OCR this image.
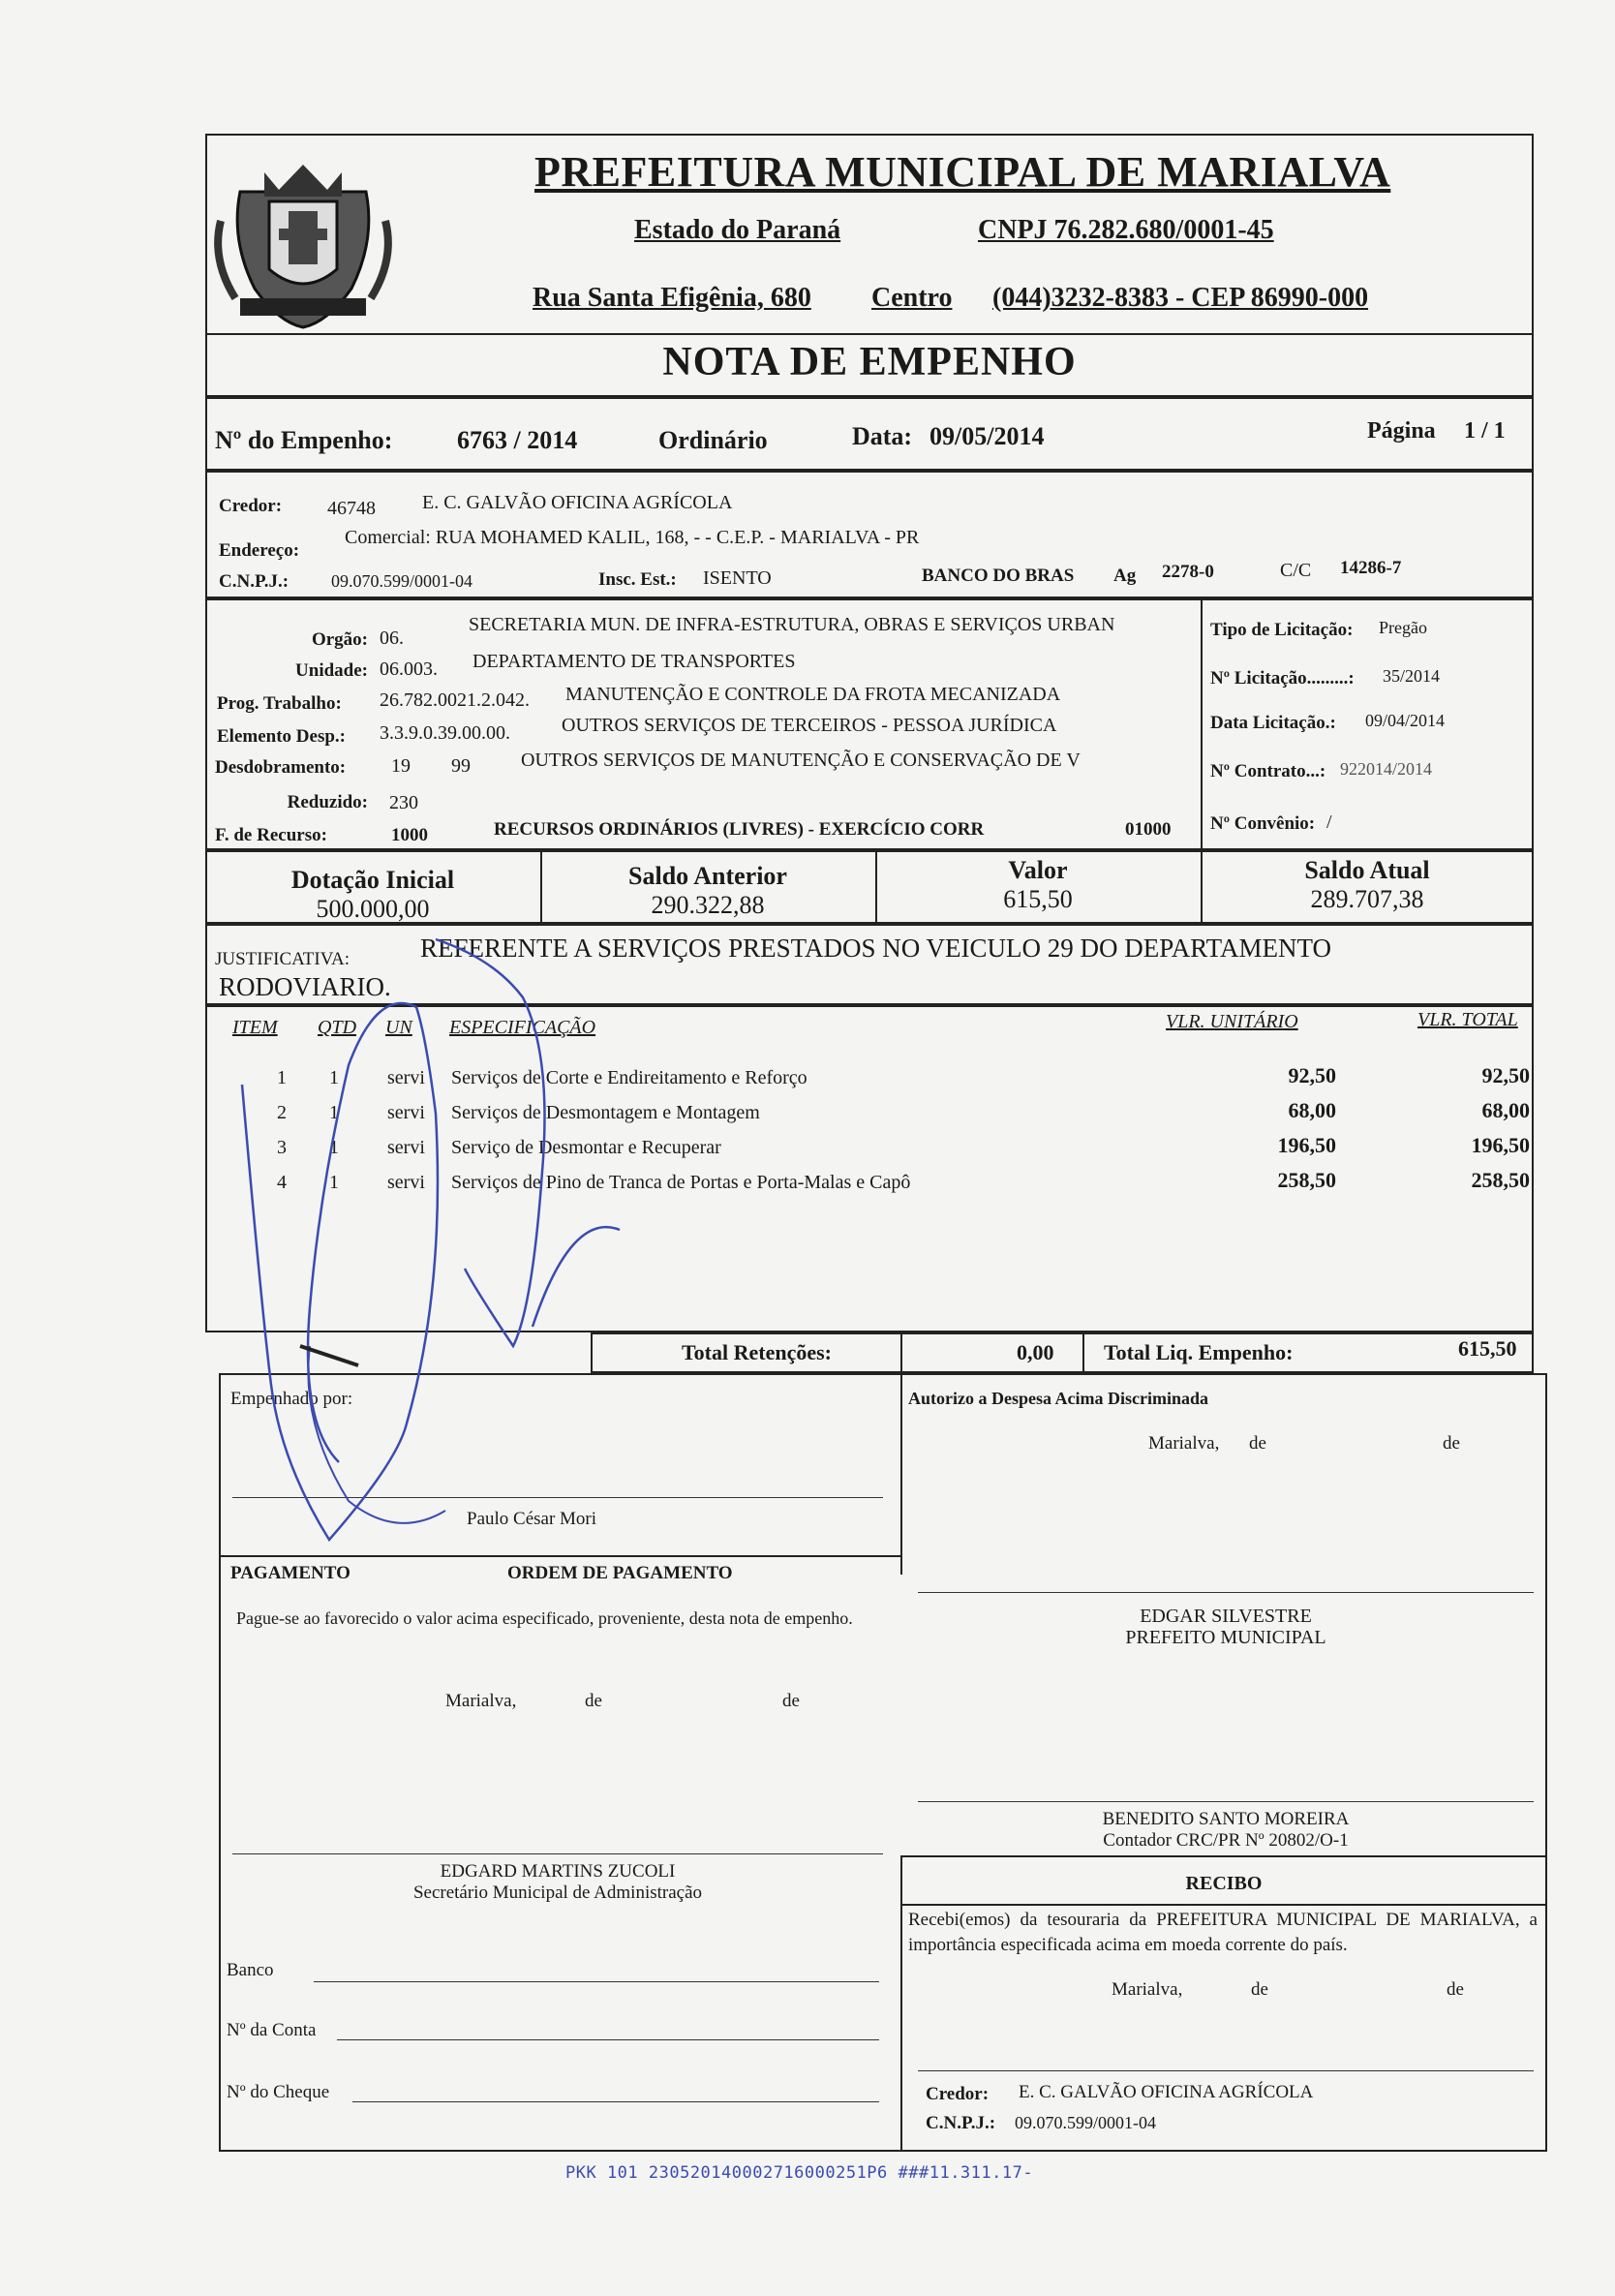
PREFEITURA MUNICIPAL DE MARIALVA
Estado do Paraná	CNPJ 76.282.680/0001-45
Rua Santa Efigênia, 680 Centro (044)3232-8383 - CEP 86990-000
NOTA DE EMPENHO
Nº do Empenho:	6763 / 2014	Ordinário	Data: 09/05/2014	Página 1 / 1
Credor: 46748 E. C. GALVÃO OFICINA AGRÍCOLA
Endereço:
Comercial: RUA MOHAMED KALIL, 168, - - C.E.P. - MARIALVA - PR
C.N.P.J.: 09.070.599/0001-04	Insc. Est.: ISENTO	BANCO DO BRAS Ag 2278-0	C/C 14286-7
Orgão: 06.
SECRETARIA MUN. DE INFRA-ESTRUTURA, OBRAS E SERVIÇOS URBAN
Unidade: 06.003. DEPARTAMENTO DE TRANSPORTES
Prog. Trabalho: 26.782.0021.2.042. MANUTENÇÃO E CONTROLE DA FROTA MECANIZADA
Elemento Desp.: 3.3.9.0.39.00.00.	OUTROS SERVIÇOS DE TERCEIROS - PESSOA JURÍDICA
Desdobramento: 19 99	OUTROS SERVIÇOS DE MANUTENÇÃO E CONSERVAÇÃO DE V
Reduzido: 230
F. de Recurso:	1000	RECURSOS ORDINÁRIOS (LIVRES) - EXERCÍCIO CORR	01000
Tipo de Licitação: Pregão
Nº Licitação.........: 35/2014
Data Licitação.: 09/04/2014
Nº Contrato...: 922014/2014
Nº Convênio: /
Dotação Inicial
500.000,00
Saldo Anterior
290.322,88
Valor
615,50
Saldo Atual
289.707,38
JUSTIFICATIVA:	REFERENTE A SERVIÇOS PRESTADOS NO VEICULO 29 DO DEPARTAMENTO
RODOVIARIO.
ITEM QTD UN ESPECIFICAÇÃO	VLR. UNITÁRIO	VLR. TOTAL
1 1	servi Serviços de Corte e Endireitamento e Reforço	92,50	92,50
2 1	servi Serviços de Desmontagem e Montagem	68,00	68,00
3 1	servi Serviço de Desmontar e Recuperar	196,50	196,50
4 1	servi Serviços de Pino de Tranca de Portas e Porta-Malas e Capô	258,50	258,50
Total Retenções:	0,00 Total Liq. Empenho:	615,50
Empenhado por:
Paulo César Mori
Autorizo a Despesa Acima Discriminada
Marialva, de	de
PAGAMENTO	ORDEM DE PAGAMENTO
Pague-se ao favorecido o valor acima especificado, proveniente, desta nota de empenho.
Marialva,	de	de
EDGAR SILVESTRE
PREFEITO MUNICIPAL
BENEDITO SANTO MOREIRA
Contador CRC/PR Nº 20802/O-1
EDGARD MARTINS ZUCOLI
Secretário Municipal de Administração	RECIBO
Recebi(emos) da tesouraria da PREFEITURA MUNICIPAL DE MARIALVA, a importância especificada acima em moeda corrente do país.
Marialva,	de	de
Credor: E. C. GALVÃO OFICINA AGRÍCOLA
C.N.P.J.: 09.070.599/0001-04
Banco
Nº da Conta
Nº do Cheque
PKK 101 230520140002716000251P6 ###11.311.17-
